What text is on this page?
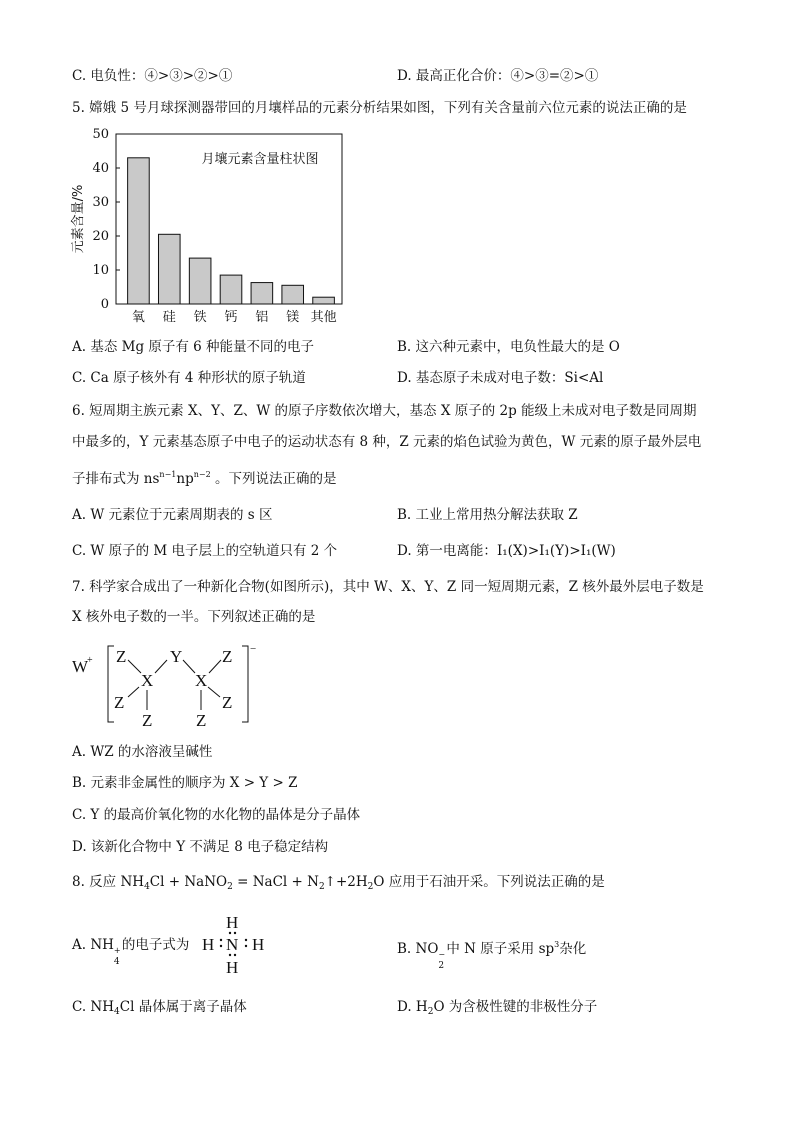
C. 电负性：④>③>②>①	D. 最高正化合价：④>③=②>①
5. 嫦娥 5 号月球探测器带回的月壤样品的元素分析结果如图，下列有关含量前六位元素的说法正确的是
0
10
20
30
40
50
氧 硅 铁 钙 铝 镁 其他
月壤元素含量柱状图
元素含量/%
A. 基态 Mg 原子有 6 种能量不同的电子	B. 这六种元素中，电负性最大的是 O
C. Ca 原子核外有 4 种形状的原子轨道	D. 基态原子未成对电子数：Si<Al
6. 短周期主族元素 X、Y、Z、W 的原子序数依次增大，基态 X 原子的 2p 能级上未成对电子数是同周期
中最多的，Y 元素基态原子中电子的运动状态有 8 种，Z 元素的焰色试验为黄色，W 元素的原子最外层电
子排布式为 $ns^{n-1}np^{n-2}$ 。下列说法正确的是
A. W 元素位于元素周期表的 s 区	B. 工业上常用热分解法获取 Z
C. W 原子的 M 电子层上的空轨道只有 2 个	D. 第一电离能：I₁(X)>I₁(Y)>I₁(W)
7. 科学家合成出了一种新化合物(如图所示)，其中 W、X、Y、Z 同一短周期元素，Z 核外最外层电子数是
X 核外电子数的一半。下列叙述正确的是
W
+
−
Z	Y Z
X X
Z	Z
Z	Z
A. WZ 的水溶液呈碱性
B. 元素非金属性的顺序为 X > Y > Z
C. Y 的最高价氧化物的水化物的晶体是分子晶体
D. 该新化合物中 Y 不满足 8 电子稳定结构
8. 反应 $NH_4Cl$ + NaNO$_2$ = NaCl + $N_2↑+2H_2O$ 应用于石油开采。下列说法正确的是
A. NH +
4
的电子式为
H
H N H
H
B. NO −
2
中 N 原子采用 $sp^3$杂化
C. $NH_4Cl$ 晶体属于离子晶体	D. $H_2O$ 为含极性键的非极性分子
